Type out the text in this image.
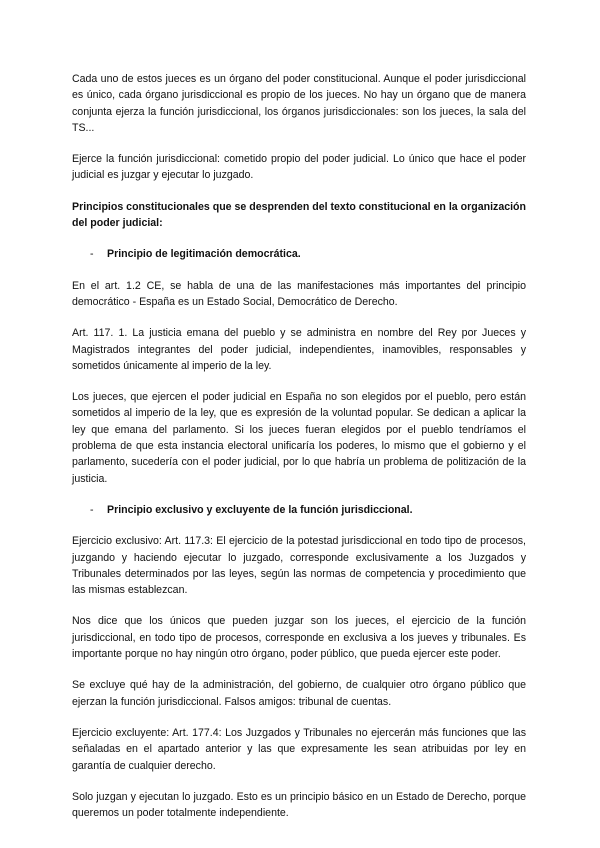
Cada uno de estos jueces es un órgano del poder constitucional. Aunque el poder jurisdiccional es único, cada órgano jurisdiccional es propio de los jueces. No hay un órgano que de manera conjunta ejerza la función jurisdiccional, los órganos jurisdiccionales: son los jueces, la sala del TS...

Ejerce la función jurisdiccional: cometido propio del poder judicial. Lo único que hace el poder judicial es juzgar y ejecutar lo juzgado.

Principios constitucionales que se desprenden del texto constitucional en la organización del poder judicial:

-	Principio de legitimación democrática.

En el art. 1.2 CE, se habla de una de las manifestaciones más importantes del principio democrático - España es un Estado Social, Democrático de Derecho.

Art. 117. 1. La justicia emana del pueblo y se administra en nombre del Rey por Jueces y Magistrados integrantes del poder judicial, independientes, inamovibles, responsables y sometidos únicamente al imperio de la ley.

Los jueces, que ejercen el poder judicial en España no son elegidos por el pueblo, pero están sometidos al imperio de la ley, que es expresión de la voluntad popular. Se dedican a aplicar la ley que emana del parlamento. Si los jueces fueran elegidos por el pueblo tendríamos el problema de que esta instancia electoral unificaría los poderes, lo mismo que el gobierno y el parlamento, sucedería con el poder judicial, por lo que habría un problema de politización de la justicia.

-	Principio exclusivo y excluyente de la función jurisdiccional.

Ejercicio exclusivo: Art. 117.3: El ejercicio de la potestad jurisdiccional en todo tipo de procesos, juzgando y haciendo ejecutar lo juzgado, corresponde exclusivamente a los Juzgados y Tribunales determinados por las leyes, según las normas de competencia y procedimiento que las mismas establezcan.

Nos dice que los únicos que pueden juzgar son los jueces, el ejercicio de la función jurisdiccional, en todo tipo de procesos, corresponde en exclusiva a los jueves y tribunales. Es importante porque no hay ningún otro órgano, poder público, que pueda ejercer este poder.

Se excluye qué hay de la administración, del gobierno, de cualquier otro órgano público que ejerzan la función jurisdiccional. Falsos amigos: tribunal de cuentas.

Ejercicio excluyente: Art. 177.4: Los Juzgados y Tribunales no ejercerán más funciones que las señaladas en el apartado anterior y las que expresamente les sean atribuidas por ley en garantía de cualquier derecho.

Solo juzgan y ejecutan lo juzgado. Esto es un principio básico en un Estado de Derecho, porque queremos un poder totalmente independiente.
